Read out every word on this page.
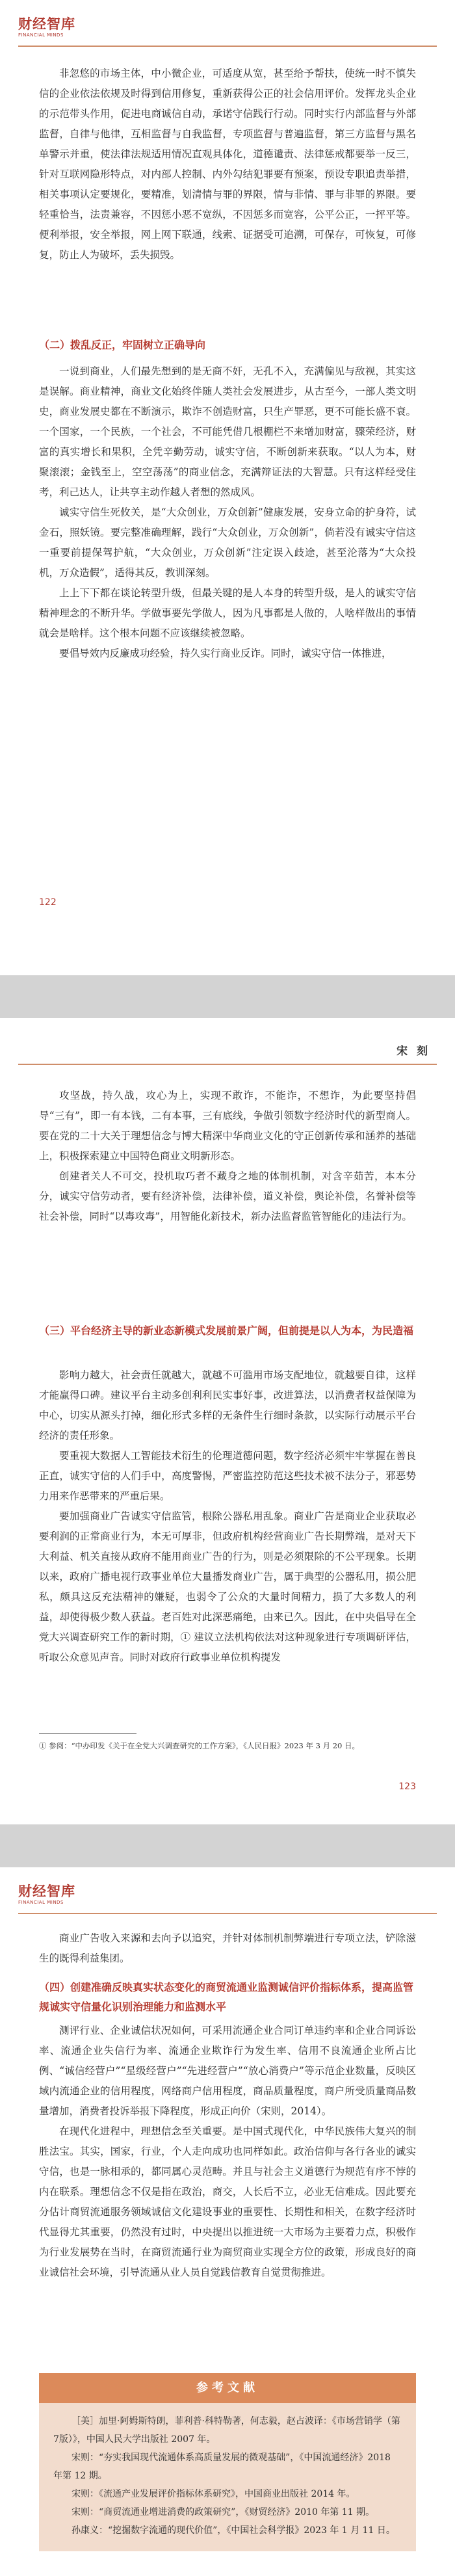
财经智库
FINANCIAL MINDS

非忽悠的市场主体，中小微企业，可适度从宽，甚至给予帮扶，使统一时不慎失信的企业依法依规及时得到信用修复，重新获得公正的社会信用评价。发挥龙头企业的示范带头作用，促进电商诚信自动，承诺守信践行行动。同时实行内部监督与外部监督，自律与他律，互相监督与自我监督，专项监督与普遍监督，第三方监督与黑名单警示并重，使法律法规适用情况直观具体化，道德谴责、法律惩戒都要举一反三，针对互联网隐形特点，对内部人控制、内外勾结犯罪要有预案，预设专职追责举措，相关事项认定要规化，要精准，划清情与罪的界限，情与非情、罪与非罪的界限。要轻重恰当，法责兼容，不因惩小恶不宽纵，不因惩多而宽容，公平公正，一抨平等。便利举报，安全举报，网上网下联通，线索、证据受可追溯，可保存，可恢复，可修复，防止人为破坏，丢失损毁。

（二）拨乱反正，牢固树立正确导向

一说到商业，人们最先想到的是无商不奸，无孔不入，充满偏见与敌视，其实这是误解。商业精神，商业文化始终伴随人类社会发展进步，从古至今，一部人类文明史，商业发展史都在不断演示，欺诈不创造财富，只生产罪恶，更不可能长盛不衰。一个国家，一个民族，一个社会，不可能凭借几根棚栏不来增加财富，骤荣经济，财富的真实增长和果积，全凭辛勤劳动，诚实守信，不断创新来获取。“以人为本，财聚滚滚；金钱至上，空空荡荡”的商业信念，充满辩证法的大智慧。只有这样经受住考，利己达人，让共享主动作越人者想的然成风。

诚实守信生死攸关，是“大众创业，万众创新”健康发展，安身立命的护身符，试金石，照妖镜。要完整准确理解，践行“大众创业，万众创新”，倘若没有诚实守信这一重要前提保驾护航，“大众创业，万众创新”注定误入歧途，甚至沦落为“大众投机，万众造假”，适得其反，教训深刻。

上上下下都在谈论转型升级，但最关键的是人本身的转型升级，是人的诚实守信精神理念的不断升华。学做事要先学做人，因为凡事都是人做的，人啥样做出的事情就会是啥样。这个根本问题不应该继续被忽略。

要倡导效内反廉成功经验，持久实行商业反诈。同时，诚实守信一体推进，

122
宋 刻

攻坚战，持久战，攻心为上，实现不敢诈，不能诈，不想诈，为此要坚持倡导“三有”，即一有本钱，二有本事，三有底线，争做引领数字经济时代的新型商人。要在党的二十大关于理想信念与博大精深中华商业文化的守正创新传承和涵养的基础上，积极探索建立中国特色商业文明新形态。

创建者关人不可交，投机取巧者不藏身之地的体制机制，对含辛茹苦，本本分分，诚实守信劳动者，要有经济补偿，法律补偿，道义补偿，舆论补偿，名誉补偿等社会补偿，同时“以毒攻毒”，用智能化新技术，新办法监督监管智能化的违法行为。

（三）平台经济主导的新业态新模式发展前景广阔，但前提是以人为本，为民造福

影响力越大，社会责任就越大，就越不可滥用市场支配地位，就越要自律，这样才能赢得口碑。建议平台主动多创利利民实事好事，改进算法，以消费者权益保障为中心，切实从源头打掉，细化形式多样的无条件生行细时条款，以实际行动展示平台经济的责任形象。

要重视大数据人工智能技术衍生的伦理道德问题，数字经济必须牢牢掌握在善良正直，诚实守信的人们手中，高度警惕，严密监控防范这些技术被不法分子，邪恶势力用来作恶带来的严重后果。

要加强商业广告诚实守信监管，根除公器私用乱象。商业广告是商业企业获取必要利润的正常商业行为，本无可厚非，但政府机构经营商业广告长期弊端，是对天下大利益、机关直接从政府不能用商业广告的行为，则是必须限除的不公平现象。长期以来，政府广播电视行政事业单位大量播发商业广告，属于典型的公器私用，损公肥私，颇具这反充法精神的嫌疑，也弱令了公众的大量时间精力，损了大多数人的利益，却使得极少数人获益。老百姓对此深恶痛绝，由来已久。因此，在中央倡导在全党大兴调查研究工作的新时期，① 建议立法机构依法对这种现象进行专项调研评估，听取公众意见声音。同时对政府行政事业单位机构提发

① 参阅：“中办印发《关于在全党大兴调查研究的工作方案》，《人民日报》2023 年 3 月 20 日。

123
财经智库
FINANCIAL MINDS

商业广告收入来源和去向予以追究，并针对体制机制弊端进行专项立法，铲除滋生的既得利益集团。

（四）创建准确反映真实状态变化的商贸流通业监测诚信评价指标体系，提高监管规诚实守信量化识别治理能力和监测水平

测评行业、企业诚信状况如何，可采用流通企业合同订单违约率和企业合同诉讼率、流通企业失信行为率、流通企业欺诈行为发生率、信用不良流通企业所占比例、“诚信经营户”“星级经营户”“先进经营户”“放心消费户”等示范企业数量，反映区域内流通企业的信用程度，网络商户信用程度，商品质量程度，商户所受质量商品数量增加，消费者投诉举报下降程度，形成正向价（宋则，2014）。

在现代化进程中，理想信念至关重要。是中国式现代化，中华民族伟大复兴的制胜法宝。其实，国家，行业，个人走向成功也同样如此。政治信仰与各行各业的诚实守信，也是一脉相承的，都同属心灵范畴。并且与社会主义道德行为规范有序不悖的内在联系。理想信念不仅是指在政治，商交，人长后不立，必业无信难成。因此要充分估计商贸流通服务领域诚信文化建设事业的重要性、长期性和相关，在数字经济时代显得尤其重要，仍然没有过时，中央提出以推进统一大市场为主要着力点，积极作为行业发展势在当时，在商贸流通行业为商贸商业实现全方位的政策，形成良好的商业诚信社会环境，引导流通从业人员自觉践信教育自觉贯彻推进。

参考文献

［美］加里·阿姆斯特朗，菲利普·科特勒著，何志毅，赵占波译：《市场营销学（第7版）》，中国人民大学出版社 2007 年。

宋则：“夯实我国现代流通体系高质量发展的微观基础”，《中国流通经济》2018 年第 12 期。

宋则：《流通产业发展评价指标体系研究》，中国商业出版社 2014 年。

宋则：“商贸流通业增进消费的政策研究”，《财贸经济》2010 年第 11 期。

孙康义：“挖掘数字流通的现代价值”，《中国社会科学报》2023 年 1 月 11 日。
